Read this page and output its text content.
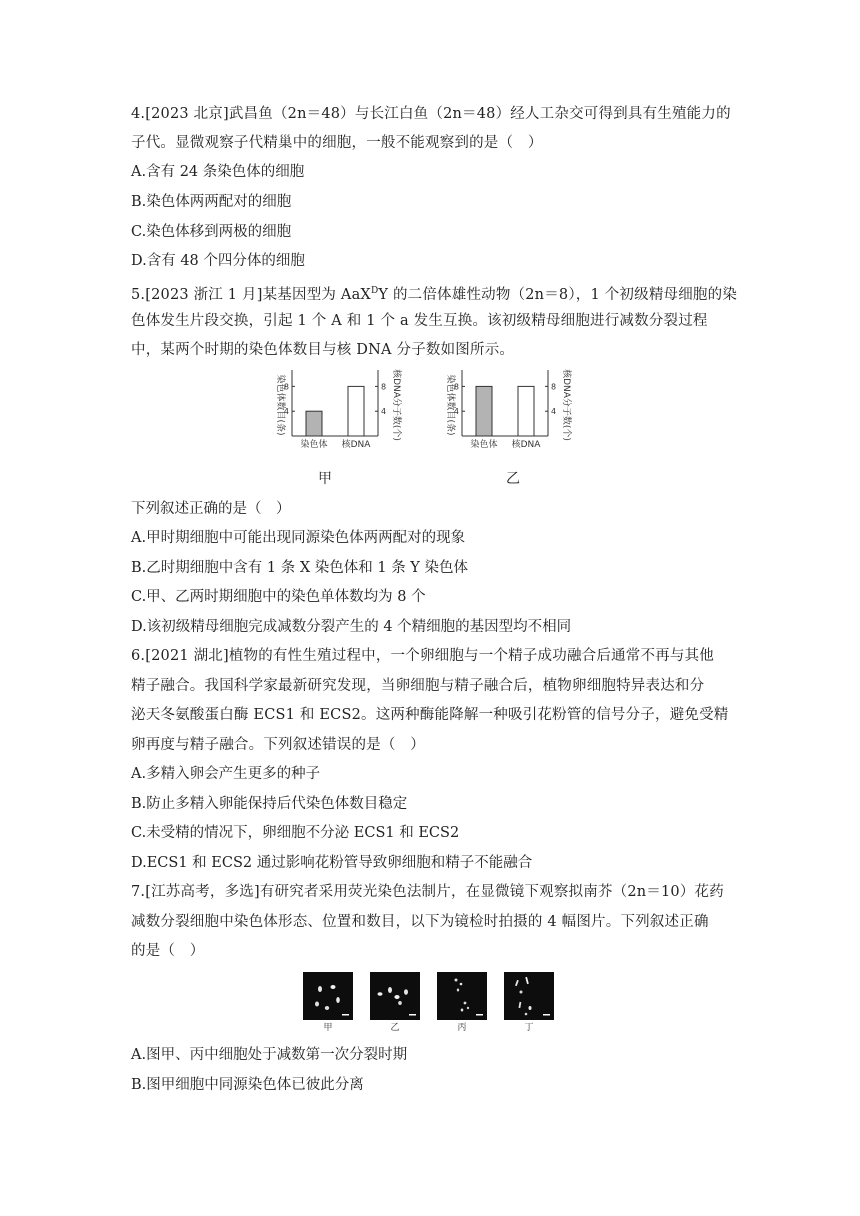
4.[2023 北京]武昌鱼（2n＝48）与长江白鱼（2n＝48）经人工杂交可得到具有生殖能力的
子代。显微观察子代精巢中的细胞，一般不能观察到的是（　）
A.含有 24 条染色体的细胞
B.染色体两两配对的细胞
C.染色体移到两极的细胞
D.含有 48 个四分体的细胞
5.[2023 浙江 1 月]某基因型为 AaX$^D$Y 的二倍体雄性动物（2n＝8），1 个初级精母细胞的染
色体发生片段交换，引起 1 个 A 和 1 个 a 发生互换。该初级精母细胞进行减数分裂过程
中，某两个时期的染色体数目与核 DNA 分子数如图所示。
染色体数目(条)	核DNA分子数(个)
4	4
8	8
染色体 核DNA
甲
染色体数目(条)	核DNA分子数(个)
4	4
8	8
染色体 核DNA
乙
下列叙述正确的是（　）
A.甲时期细胞中可能出现同源染色体两两配对的现象
B.乙时期细胞中含有 1 条 X 染色体和 1 条 Y 染色体
C.甲、乙两时期细胞中的染色单体数均为 8 个
D.该初级精母细胞完成减数分裂产生的 4 个精细胞的基因型均不相同
6.[2021 湖北]植物的有性生殖过程中，一个卵细胞与一个精子成功融合后通常不再与其他
精子融合。我国科学家最新研究发现，当卵细胞与精子融合后，植物卵细胞特异表达和分
泌天冬氨酸蛋白酶 ECS1 和 ECS2。这两种酶能降解一种吸引花粉管的信号分子，避免受精
卵再度与精子融合。下列叙述错误的是（　）
A.多精入卵会产生更多的种子
B.防止多精入卵能保持后代染色体数目稳定
C.未受精的情况下，卵细胞不分泌 ECS1 和 ECS2
D.ECS1 和 ECS2 通过影响花粉管导致卵细胞和精子不能融合
7.[江苏高考，多选]有研究者采用荧光染色法制片，在显微镜下观察拟南芥（2n＝10）花药
减数分裂细胞中染色体形态、位置和数目，以下为镜检时拍摄的 4 幅图片。下列叙述正确
的是（　）
甲	乙	丙	丁
A.图甲、丙中细胞处于减数第一次分裂时期
B.图甲细胞中同源染色体已彼此分离
